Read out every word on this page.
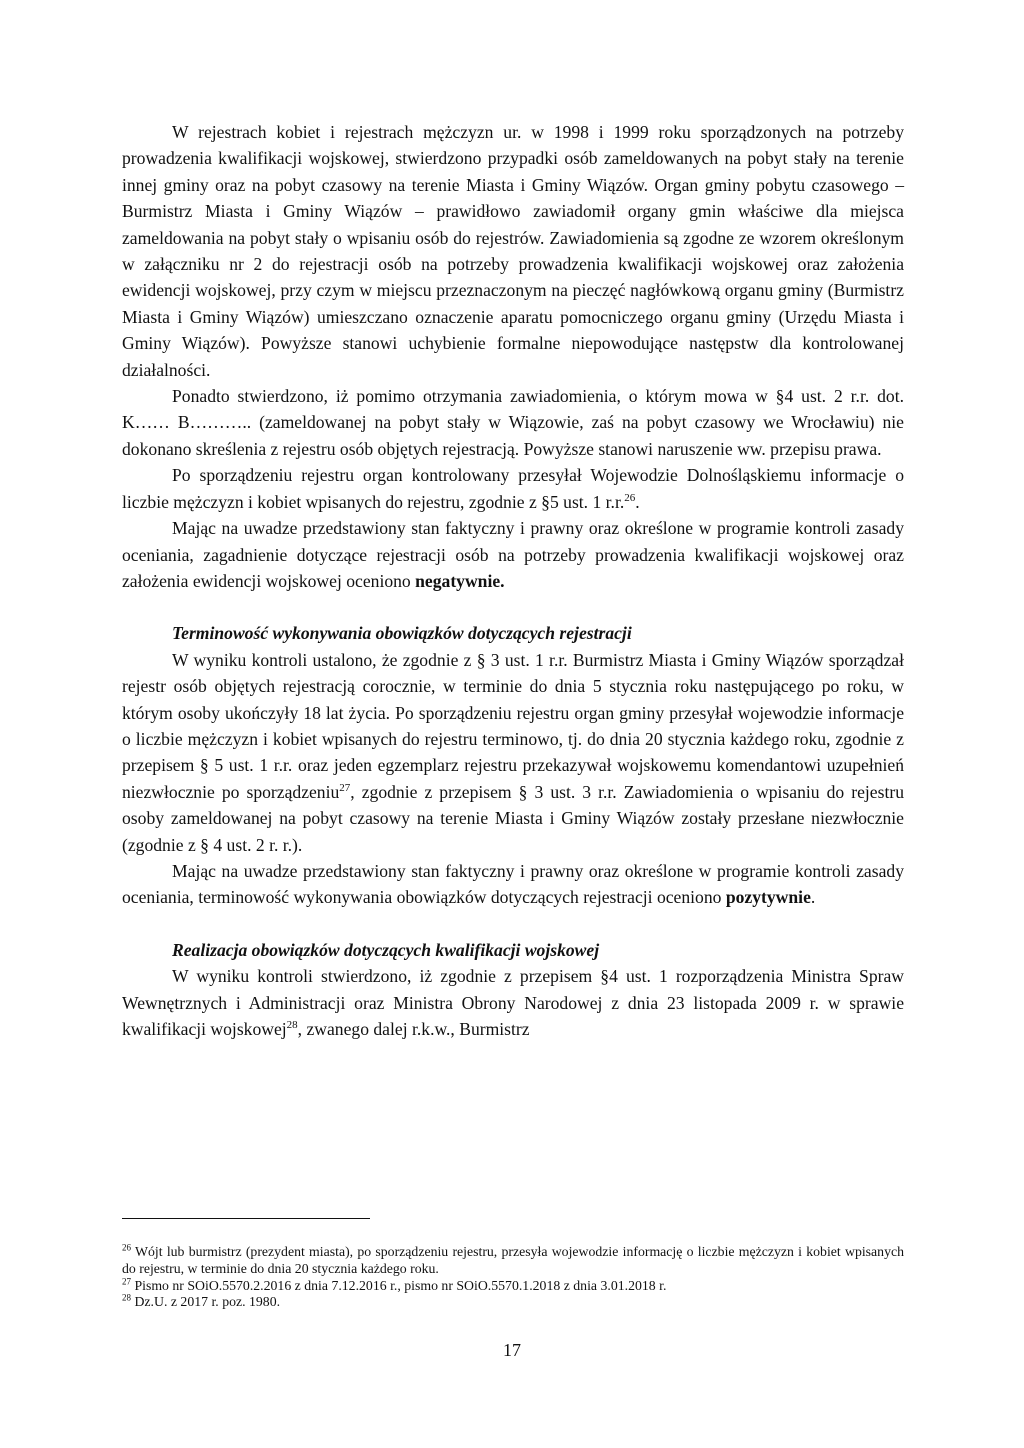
W rejestrach kobiet i rejestrach mężczyzn ur. w 1998 i 1999 roku sporządzonych na potrzeby prowadzenia kwalifikacji wojskowej, stwierdzono przypadki osób zameldowanych na pobyt stały na terenie innej gminy oraz na pobyt czasowy na terenie Miasta i Gminy Wiązów. Organ gminy pobytu czasowego – Burmistrz Miasta i Gminy Wiązów – prawidłowo zawiadomił organy gmin właściwe dla miejsca zameldowania na pobyt stały o wpisaniu osób do rejestrów. Zawiadomienia są zgodne ze wzorem określonym w załączniku nr 2 do rejestracji osób na potrzeby prowadzenia kwalifikacji wojskowej oraz założenia ewidencji wojskowej, przy czym w miejscu przeznaczonym na pieczęć nagłówkową organu gminy (Burmistrz Miasta i Gminy Wiązów) umieszczano oznaczenie aparatu pomocniczego organu gminy (Urzędu Miasta i Gminy Wiązów). Powyższe stanowi uchybienie formalne niepowodujące następstw dla kontrolowanej działalności.

Ponadto stwierdzono, iż pomimo otrzymania zawiadomienia, o którym mowa w §4 ust. 2 r.r. dot. K…… B……….. (zameldowanej na pobyt stały w Wiązowie, zaś na pobyt czasowy we Wrocławiu) nie dokonano skreślenia z rejestru osób objętych rejestracją. Powyższe stanowi naruszenie ww. przepisu prawa.

Po sporządzeniu rejestru organ kontrolowany przesyłał Wojewodzie Dolnośląskiemu informacje o liczbie mężczyzn i kobiet wpisanych do rejestru, zgodnie z §5 ust. 1 r.r.$^{26}$.

Mając na uwadze przedstawiony stan faktyczny i prawny oraz określone w programie kontroli zasady oceniania, zagadnienie dotyczące rejestracji osób na potrzeby prowadzenia kwalifikacji wojskowej oraz założenia ewidencji wojskowej oceniono negatywnie.

Terminowość wykonywania obowiązków dotyczących rejestracji

W wyniku kontroli ustalono, że zgodnie z § 3 ust. 1 r.r. Burmistrz Miasta i Gminy Wiązów sporządzał rejestr osób objętych rejestracją corocznie, w terminie do dnia 5 stycznia roku następującego po roku, w którym osoby ukończyły 18 lat życia. Po sporządzeniu rejestru organ gminy przesyłał wojewodzie informacje o liczbie mężczyzn i kobiet wpisanych do rejestru terminowo, tj. do dnia 20 stycznia każdego roku, zgodnie z przepisem § 5 ust. 1 r.r. oraz jeden egzemplarz rejestru przekazywał wojskowemu komendantowi uzupełnień niezwłocznie po sporządzeniu$^{27}$, zgodnie z przepisem § 3 ust. 3 r.r. Zawiadomienia o wpisaniu do rejestru osoby zameldowanej na pobyt czasowy na terenie Miasta i Gminy Wiązów zostały przesłane niezwłocznie (zgodnie z § 4 ust. 2 r. r.).

Mając na uwadze przedstawiony stan faktyczny i prawny oraz określone w programie kontroli zasady oceniania, terminowość wykonywania obowiązków dotyczących rejestracji oceniono pozytywnie.

Realizacja obowiązków dotyczących kwalifikacji wojskowej

W wyniku kontroli stwierdzono, iż zgodnie z przepisem §4 ust. 1 rozporządzenia Ministra Spraw Wewnętrznych i Administracji oraz Ministra Obrony Narodowej z dnia 23 listopada 2009 r. w sprawie kwalifikacji wojskowej$^{28}$, zwanego dalej r.k.w., Burmistrz

$^{26}$ Wójt lub burmistrz (prezydent miasta), po sporządzeniu rejestru, przesyła wojewodzie informację o liczbie mężczyzn i kobiet wpisanych do rejestru, w terminie do dnia 20 stycznia każdego roku.

$^{27}$ Pismo nr SOiO.5570.2.2016 z dnia 7.12.2016 r., pismo nr SOiO.5570.1.2018 z dnia 3.01.2018 r.

$^{28}$ Dz.U. z 2017 r. poz. 1980.

17
